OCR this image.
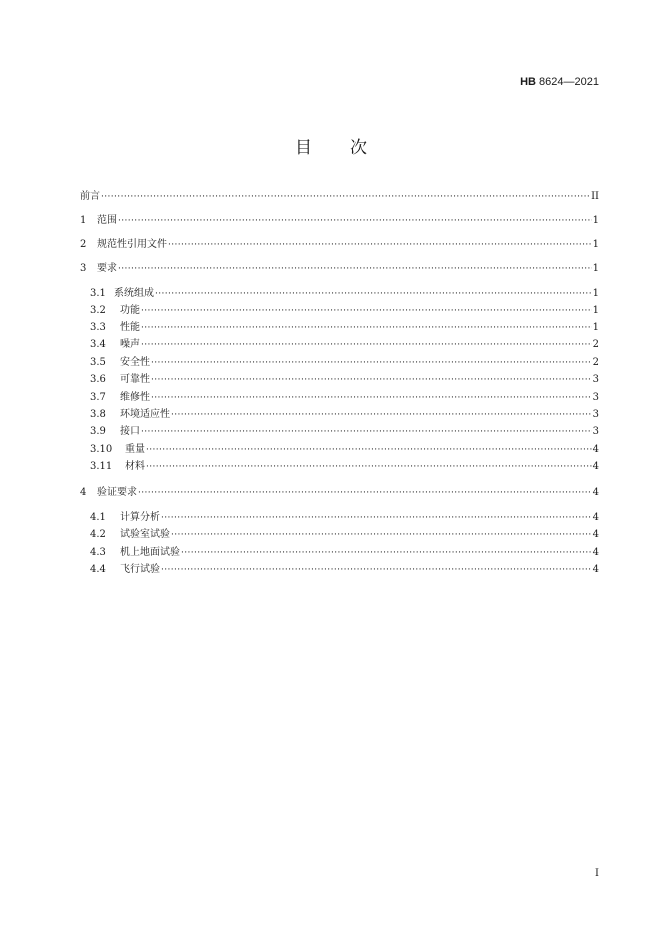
HB 8624—2021
目次
前言 ·····	II
1	范围 ·····	1
2	规范性引用文件 ·····	1
3	要求 ·····	1
3.1 系统组成 ·····	1
3.2	功能 ·····	1
3.3	性能 ·····	1
3.4	噪声 ·····	2
3.5	安全性 ·····	2
3.6	可靠性 ·····	3
3.7	维修性 ·····	3
3.8	环境适应性 ·····	3
3.9	接口 ·····	3
3.10	重量 ·····	4
3.11	材料 ·····	4
4	验证要求 ·····	4
4.1	计算分析 ·····	4
4.2	试验室试验 ·····	4
4.3	机上地面试验 ·····	4
4.4	飞行试验 ·····	4
I
